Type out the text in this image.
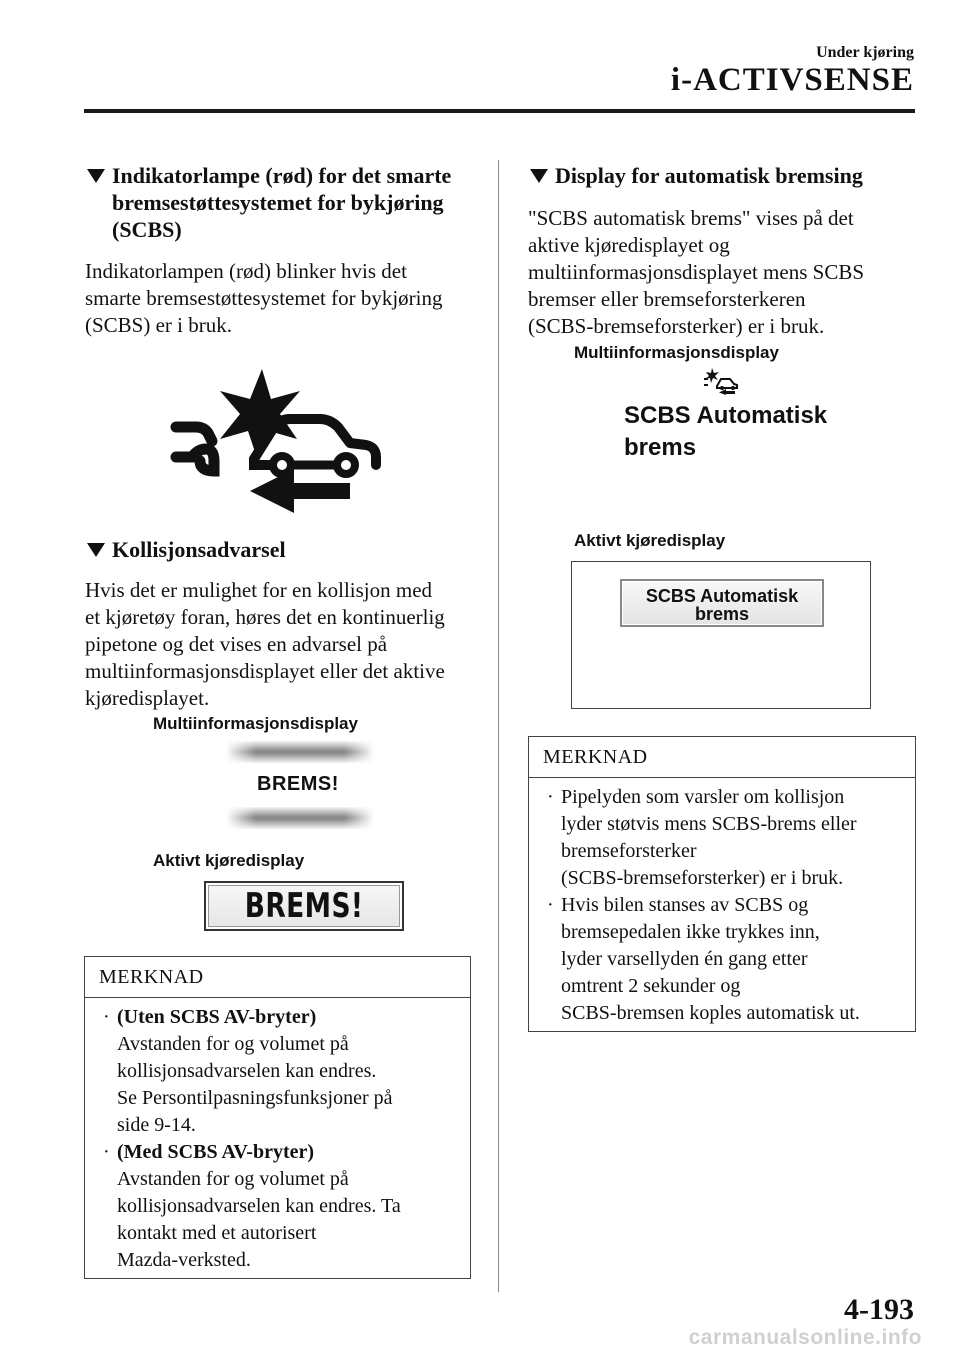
Under kjøring
i-ACTIVSENSE
Indikatorlampe (rød) for det smarte
bremsestøttesystemet for bykjøring
(SCBS)
Indikatorlampen (rød) blinker hvis det
smarte bremsestøttesystemet for bykjøring
(SCBS) er i bruk.
Kollisjonsadvarsel
Hvis det er mulighet for en kollisjon med
et kjøretøy foran, høres det en kontinuerlig
pipetone og det vises en advarsel på
multiinformasjonsdisplayet eller det aktive
kjøredisplayet.
Multiinformasjonsdisplay
BREMS!
Aktivt kjøredisplay
BREMS!
MERKNAD
· (Uten SCBS AV-bryter)
Avstanden for og volumet på
kollisjonsadvarselen kan endres.
Se Persontilpasningsfunksjoner på
side 9-14.
· (Med SCBS AV-bryter)
Avstanden for og volumet på
kollisjonsadvarselen kan endres. Ta
kontakt med et autorisert
Mazda-verksted.
Display for automatisk bremsing
"SCBS automatisk brems" vises på det
aktive kjøredisplayet og
multiinformasjonsdisplayet mens SCBS
bremser eller bremseforsterkeren
(SCBS-bremseforsterker) er i bruk.
Multiinformasjonsdisplay
SCBS Automatisk
brems
Aktivt kjøredisplay
SCBS Automatisk
brems
MERKNAD
· Pipelyden som varsler om kollisjon
lyder støtvis mens SCBS-brems eller
bremseforsterker
(SCBS-bremseforsterker) er i bruk.
· Hvis bilen stanses av SCBS og
bremsepedalen ikke trykkes inn,
lyder varsellyden én gang etter
omtrent 2 sekunder og
SCBS-bremsen koples automatisk ut.
4-193
carmanualsonline.info
